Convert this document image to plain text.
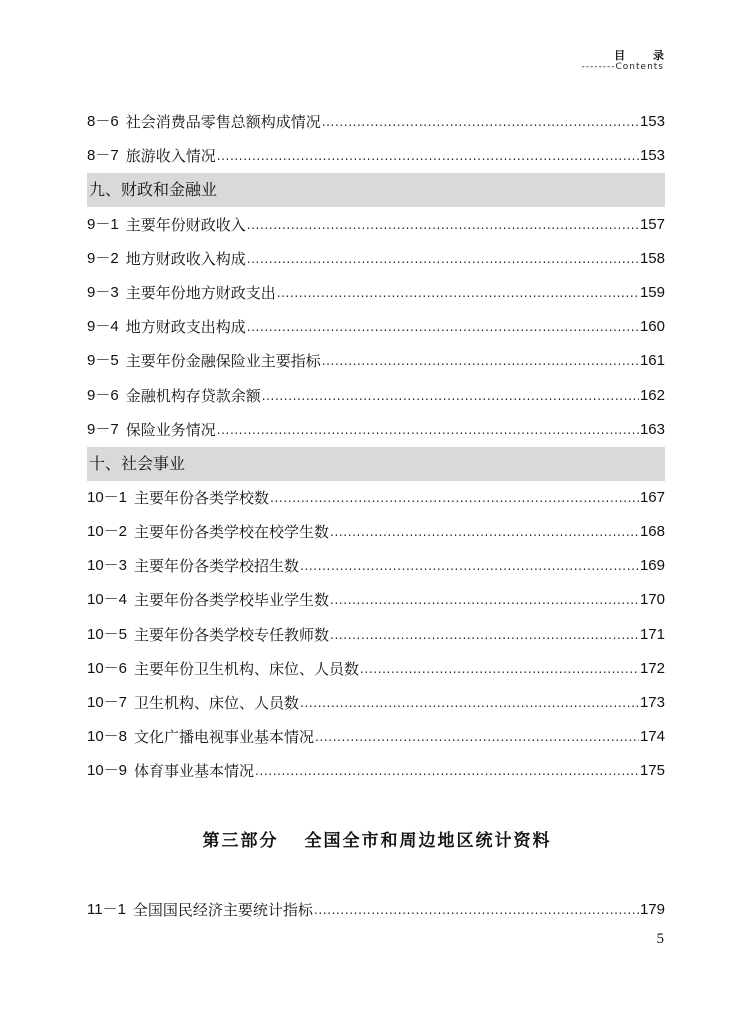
目 录
--------Contents
8－6 社会消费品零售总额构成情况 .....	153
8－7 旅游收入情况 .....	153
九、财政和金融业
9－1 主要年份财政收入 .....	157
9－2 地方财政收入构成 .....	158
9－3 主要年份地方财政支出 .....	159
9－4 地方财政支出构成 .....	160
9－5 主要年份金融保险业主要指标 .....	161
9－6 金融机构存贷款余额 .....	162
9－7 保险业务情况 .....	163
十、社会事业
10－1 主要年份各类学校数 .....	167
10－2 主要年份各类学校在校学生数 .....	168
10－3 主要年份各类学校招生数 .....	169
10－4 主要年份各类学校毕业学生数 .....	170
10－5 主要年份各类学校专任教师数 .....	171
10－6 主要年份卫生机构、床位、人员数 .....	172
10－7 卫生机构、床位、人员数 .....	173
10－8 文化广播电视事业基本情况 .....	174
10－9 体育事业基本情况 .....	175
第三部分 全国全市和周边地区统计资料
11－1 全国国民经济主要统计指标 .....	179
5
